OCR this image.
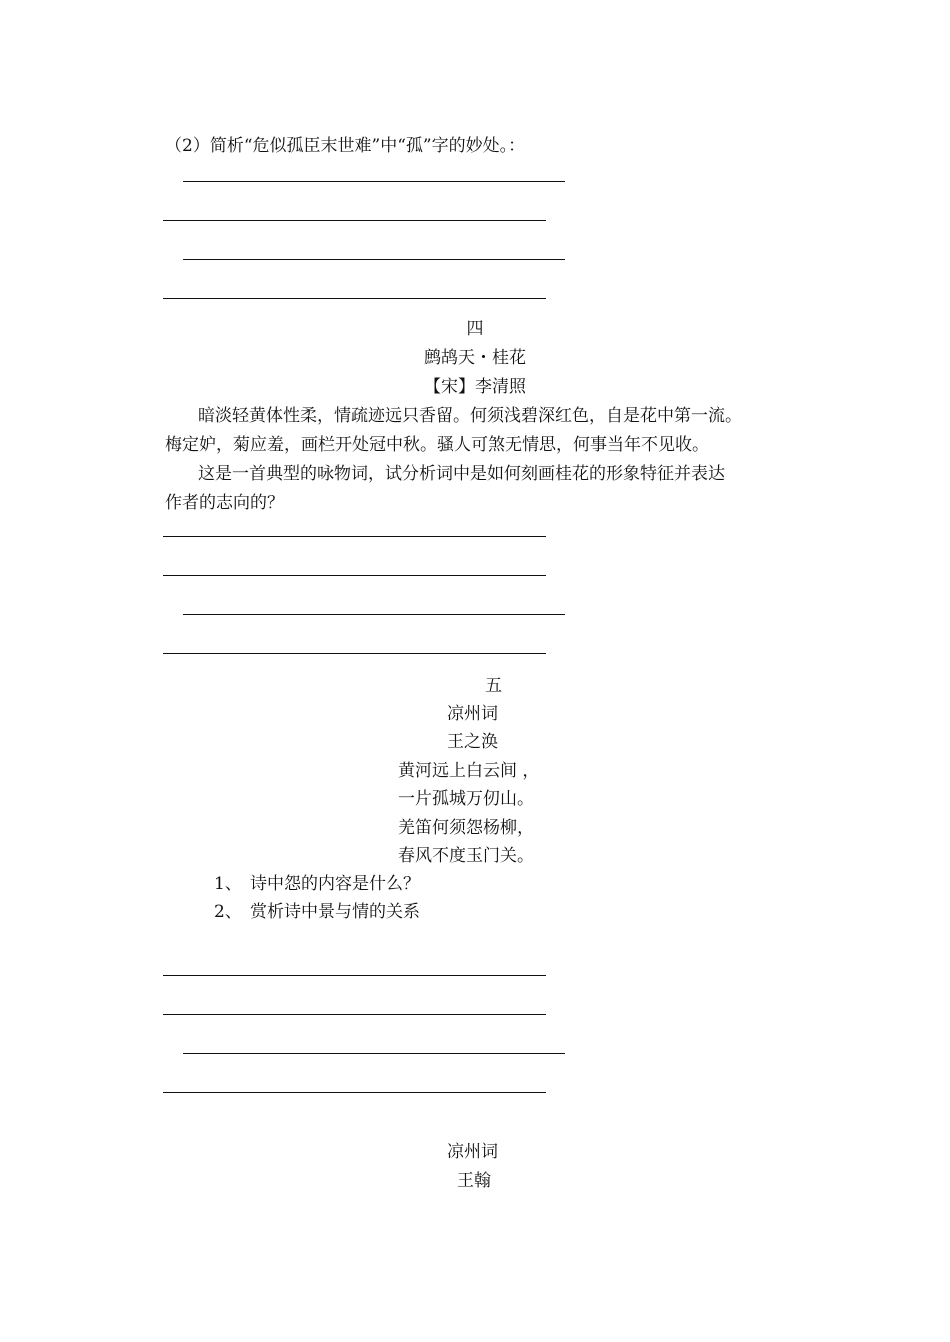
（2）简析“危似孤臣末世难”中“孤”字的妙处。：
四
鹧鸪天・桂花
【宋】李清照
暗淡轻黄体性柔，情疏迹远只香留。何须浅碧深红色，自是花中第一流。
梅定妒，菊应羞，画栏开处冠中秋。骚人可煞无情思，何事当年不见收。
这是一首典型的咏物词，试分析词中是如何刻画桂花的形象特征并表达
作者的志向的？
五
凉州词
王之涣
黄河远上白云间 ，
一片孤城万仞山。
羌笛何须怨杨柳，
春风不度玉门关。
1、 诗中怨的内容是什么？
2、 赏析诗中景与情的关系
凉州词
王翰
